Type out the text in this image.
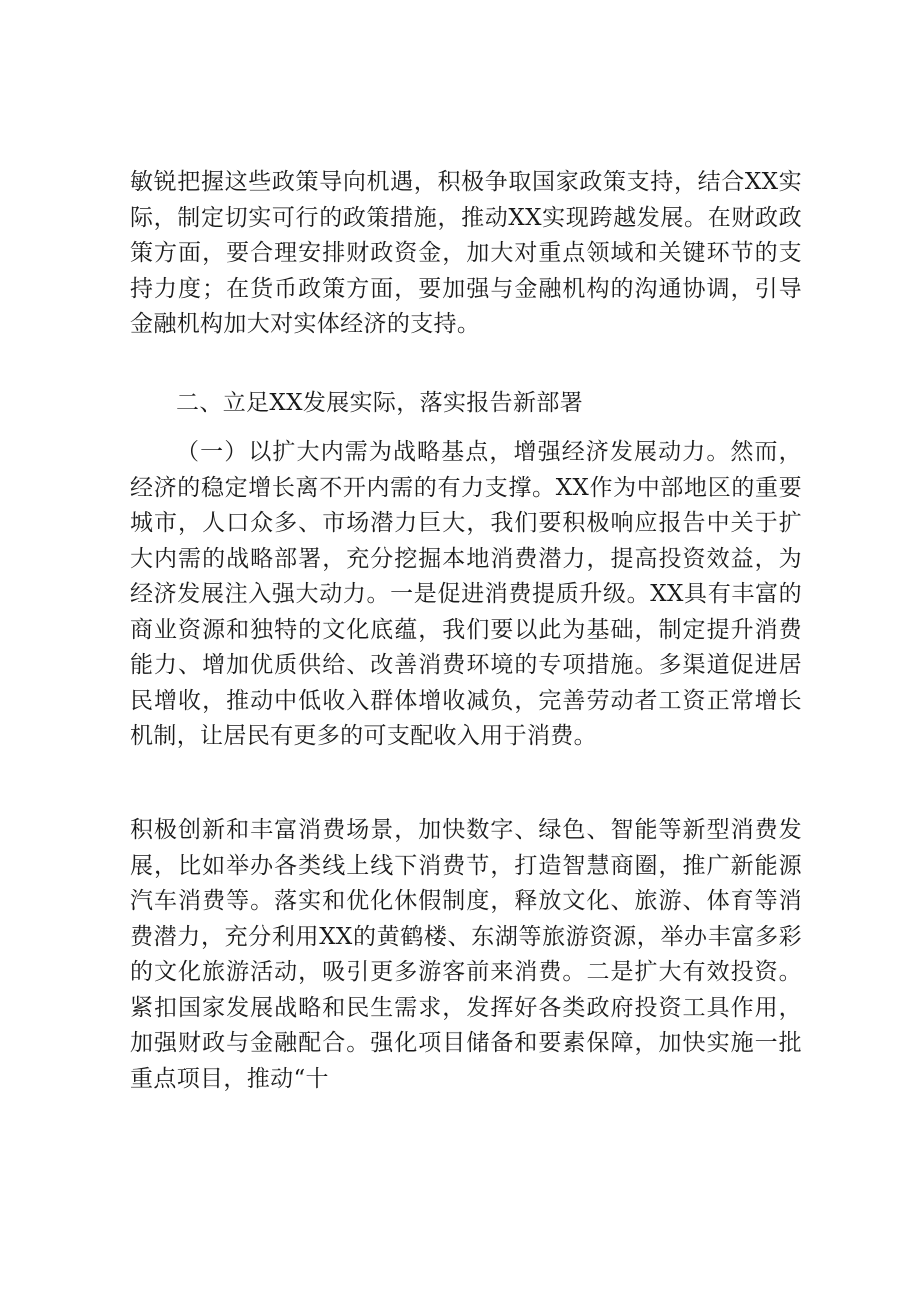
敏锐把握这些政策导向机遇，积极争取国家政策支持，结合XX实际，制定切实可行的政策措施，推动XX实现跨越发展。在财政政策方面，要合理安排财政资金，加大对重点领域和关键环节的支持力度；在货币政策方面，要加强与金融机构的沟通协调，引导金融机构加大对实体经济的支持。

二、立足XX发展实际，落实报告新部署

（一）以扩大内需为战略基点，增强经济发展动力。然而，经济的稳定增长离不开内需的有力支撑。XX作为中部地区的重要城市，人口众多、市场潜力巨大，我们要积极响应报告中关于扩大内需的战略部署，充分挖掘本地消费潜力，提高投资效益，为经济发展注入强大动力。一是促进消费提质升级。XX具有丰富的商业资源和独特的文化底蕴，我们要以此为基础，制定提升消费能力、增加优质供给、改善消费环境的专项措施。多渠道促进居民增收，推动中低收入群体增收减负，完善劳动者工资正常增长机制，让居民有更多的可支配收入用于消费。

积极创新和丰富消费场景，加快数字、绿色、智能等新型消费发展，比如举办各类线上线下消费节，打造智慧商圈，推广新能源汽车消费等。落实和优化休假制度，释放文化、旅游、体育等消费潜力，充分利用XX的黄鹤楼、东湖等旅游资源，举办丰富多彩的文化旅游活动，吸引更多游客前来消费。二是扩大有效投资。紧扣国家发展战略和民生需求，发挥好各类政府投资工具作用，加强财政与金融配合。强化项目储备和要素保障，加快实施一批重点项目，推动“十
